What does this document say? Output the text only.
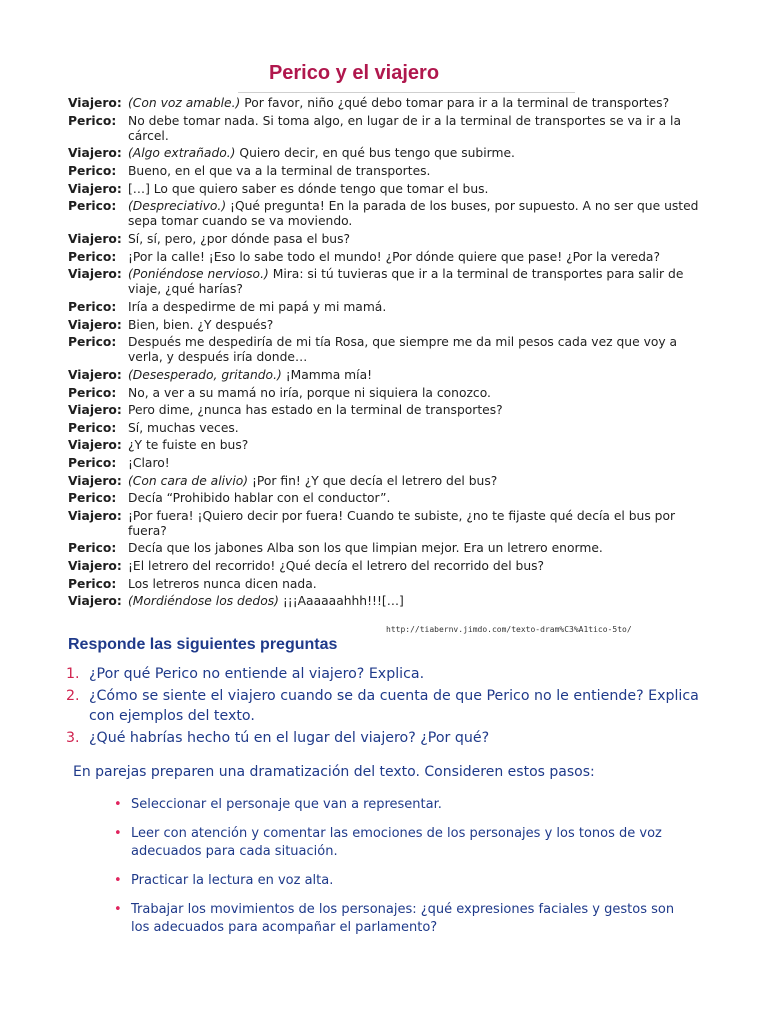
Perico y el viajero
Viajero: (Con voz amable.) Por favor, niño ¿qué debo tomar para ir a la terminal de transportes?
Perico: No debe tomar nada. Si toma algo, en lugar de ir a la terminal de transportes se va ir a la cárcel.
Viajero: (Algo extrañado.) Quiero decir, en qué bus tengo que subirme.
Perico: Bueno, en el que va a la terminal de transportes.
Viajero: […] Lo que quiero saber es dónde tengo que tomar el bus.
Perico: (Despreciativo.) ¡Qué pregunta! En la parada de los buses, por supuesto. A no ser que usted sepa tomar cuando se va moviendo.
Viajero: Sí, sí, pero, ¿por dónde pasa el bus?
Perico: ¡Por la calle! ¡Eso lo sabe todo el mundo! ¿Por dónde quiere que pase! ¿Por la vereda?
Viajero: (Poniéndose nervioso.) Mira: si tú tuvieras que ir a la terminal de transportes para salir de viaje, ¿qué harías?
Perico: Iría a despedirme de mi papá y mi mamá.
Viajero: Bien, bien. ¿Y después?
Perico: Después me despediría de mi tía Rosa, que siempre me da mil pesos cada vez que voy a verla, y después iría donde…
Viajero: (Desesperado, gritando.) ¡Mamma mía!
Perico: No, a ver a su mamá no iría, porque ni siquiera la conozco.
Viajero: Pero dime, ¿nunca has estado en la terminal de transportes?
Perico: Sí, muchas veces.
Viajero: ¿Y te fuiste en bus?
Perico: ¡Claro!
Viajero: (Con cara de alivio) ¡Por fin! ¿Y que decía el letrero del bus?
Perico: Decía “Prohibido hablar con el conductor”.
Viajero: ¡Por fuera! ¡Quiero decir por fuera! Cuando te subiste, ¿no te fijaste qué decía el bus por fuera?
Perico: Decía que los jabones Alba son los que limpian mejor. Era un letrero enorme.
Viajero: ¡El letrero del recorrido! ¿Qué decía el letrero del recorrido del bus?
Perico: Los letreros nunca dicen nada.
Viajero: (Mordiéndose los dedos) ¡¡¡Aaaaaahhh!!![…]
http://tiabernv.jimdo.com/texto-dram%C3%A1tico-5to/
Responde las siguientes preguntas
1. ¿Por qué Perico no entiende al viajero? Explica.
2. ¿Cómo se siente el viajero cuando se da cuenta de que Perico no le entiende? Explica con ejemplos del texto.
3. ¿Qué habrías hecho tú en el lugar del viajero? ¿Por qué?

En parejas preparen una dramatización del texto. Consideren estos pasos:

• Seleccionar el personaje que van a representar.
• Leer con atención y comentar las emociones de los personajes y los tonos de voz adecuados para cada situación.
• Practicar la lectura en voz alta.
• Trabajar los movimientos de los personajes: ¿qué expresiones faciales y gestos son los adecuados para acompañar el parlamento?
